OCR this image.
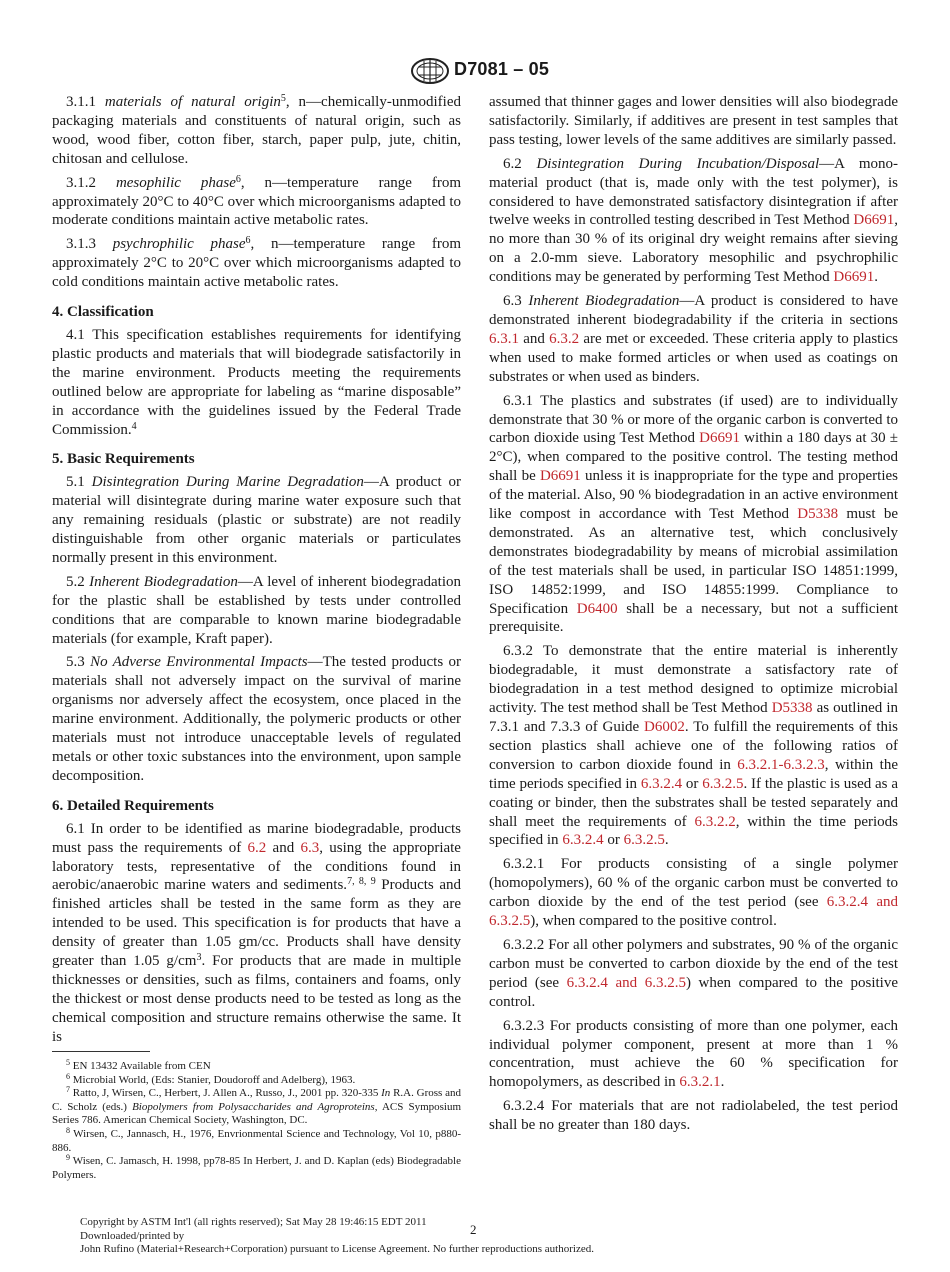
D7081 – 05

3.1.1 materials of natural origin$^5$, n—chemically-unmodified packaging materials and constituents of natural origin, such as wood, wood fiber, cotton fiber, starch, paper pulp, jute, chitin, chitosan and cellulose.

3.1.2 mesophilic phase$^6$, n—temperature range from approximately 20°C to 40°C over which microorganisms adapted to moderate conditions maintain active metabolic rates.

3.1.3 psychrophilic phase$^6$, n—temperature range from approximately 2°C to 20°C over which microorganisms adapted to cold conditions maintain active metabolic rates.

4. Classification

4.1 This specification establishes requirements for identifying plastic products and materials that will biodegrade satisfactorily in the marine environment. Products meeting the requirements outlined below are appropriate for labeling as “marine disposable” in accordance with the guidelines issued by the Federal Trade Commission.$^4$

5. Basic Requirements

5.1 Disintegration During Marine Degradation—A product or material will disintegrate during marine water exposure such that any remaining residuals (plastic or substrate) are not readily distinguishable from other organic materials or particulates normally present in this environment.

5.2 Inherent Biodegradation—A level of inherent biodegradation for the plastic shall be established by tests under controlled conditions that are comparable to known marine biodegradable materials (for example, Kraft paper).

5.3 No Adverse Environmental Impacts—The tested products or materials shall not adversely impact on the survival of marine organisms nor adversely affect the ecosystem, once placed in the marine environment. Additionally, the polymeric products or other materials must not introduce unacceptable levels of regulated metals or other toxic substances into the environment, upon sample decomposition.

6. Detailed Requirements

6.1 In order to be identified as marine biodegradable, products must pass the requirements of 6.2 and 6.3, using the appropriate laboratory tests, representative of the conditions found in aerobic/anaerobic marine waters and sediments.$^{7, 8, 9}$ Products and finished articles shall be tested in the same form as they are intended to be used. This specification is for products that have a density of greater than 1.05 gm/cc. Products shall have density greater than 1.05 $g/cm^3$. For products that are made in multiple thicknesses or densities, such as films, containers and foams, only the thickest or most dense products need to be tested as long as the chemical composition and structure remains otherwise the same. It is

assumed that thinner gages and lower densities will also biodegrade satisfactorily. Similarly, if additives are present in test samples that pass testing, lower levels of the same additives are similarly passed.

6.2 Disintegration During Incubation/Disposal—A mono-material product (that is, made only with the test polymer), is considered to have demonstrated satisfactory disintegration if after twelve weeks in controlled testing described in Test Method D6691, no more than 30 % of its original dry weight remains after sieving on a 2.0-mm sieve. Laboratory mesophilic and psychrophilic conditions may be generated by performing Test Method D6691.

6.3 Inherent Biodegradation—A product is considered to have demonstrated inherent biodegradability if the criteria in sections 6.3.1 and 6.3.2 are met or exceeded. These criteria apply to plastics when used to make formed articles or when used as coatings on substrates or when used as binders.

6.3.1 The plastics and substrates (if used) are to individually demonstrate that 30 % or more of the organic carbon is converted to carbon dioxide using Test Method D6691 within a 180 days at 30 ± 2°C), when compared to the positive control. The testing method shall be D6691 unless it is inappropriate for the type and properties of the material. Also, 90 % biodegradation in an active environment like compost in accordance with Test Method D5338 must be demonstrated. As an alternative test, which conclusively demonstrates biodegradability by means of microbial assimilation of the test materials shall be used, in particular ISO 14851:1999, ISO 14852:1999, and ISO 14855:1999. Compliance to Specification D6400 shall be a necessary, but not a sufficient prerequisite.

6.3.2 To demonstrate that the entire material is inherently biodegradable, it must demonstrate a satisfactory rate of biodegradation in a test method designed to optimize microbial activity. The test method shall be Test Method D5338 as outlined in 7.3.1 and 7.3.3 of Guide D6002. To fulfill the requirements of this section plastics shall achieve one of the following ratios of conversion to carbon dioxide found in 6.3.2.1-6.3.2.3, within the time periods specified in 6.3.2.4 or 6.3.2.5. If the plastic is used as a coating or binder, then the substrates shall be tested separately and shall meet the requirements of 6.3.2.2, within the time periods specified in 6.3.2.4 or 6.3.2.5.

6.3.2.1 For products consisting of a single polymer (homopolymers), 60 % of the organic carbon must be converted to carbon dioxide by the end of the test period (see 6.3.2.4 and 6.3.2.5), when compared to the positive control.

6.3.2.2 For all other polymers and substrates, 90 % of the organic carbon must be converted to carbon dioxide by the end of the test period (see 6.3.2.4 and 6.3.2.5) when compared to the positive control.

6.3.2.3 For products consisting of more than one polymer, each individual polymer component, present at more than 1 % concentration, must achieve the 60 % specification for homopolymers, as described in 6.3.2.1.

6.3.2.4 For materials that are not radiolabeled, the test period shall be no greater than 180 days.

$^5$ EN 13432 Available from CEN

$^6$ Microbial World, (Eds: Stanier, Doudoroff and Adelberg), 1963.

$^7$ Ratto, J, Wirsen, C., Herbert, J. Allen A., Russo, J., 2001 pp. 320-335 In R.A. Gross and C. Scholz (eds.) Biopolymers from Polysaccharides and Agroproteins, ACS Symposium Series 786. American Chemical Society, Washington, DC.

$^8$ Wirsen, C., Jannasch, H., 1976, Envrionmental Science and Technology, Vol 10, p880-886.

$^9$ Wisen, C. Jamasch, H. 1998, pp78-85 In Herbert, J. and D. Kaplan (eds) Biodegradable Polymers.

2
Copyright by ASTM Int'l (all rights reserved); Sat May 28 19:46:15 EDT 2011
Downloaded/printed by
John Rufino (Material+Research+Corporation) pursuant to License Agreement. No further reproductions authorized.
